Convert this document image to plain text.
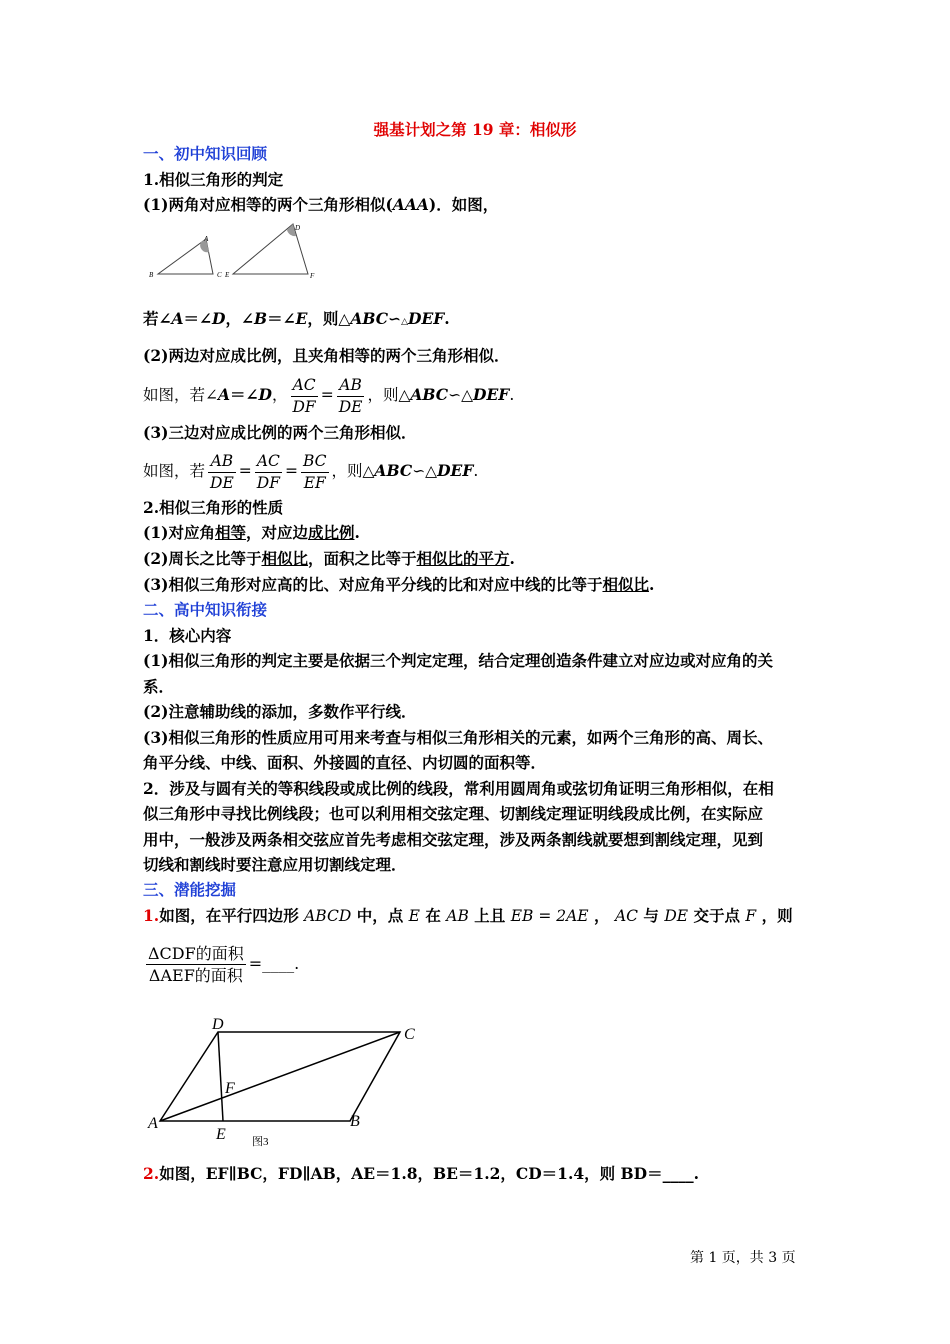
强基计划之第 19 章：相似形
一、初中知识回顾
1.相似三角形的判定
(1)两角对应相等的两个三角形相似(AAA)．如图，
A
B	C E
D
F
若∠A＝∠D，∠B＝∠E，则△ABC∽△DEF.
(2)两边对应成比例，且夹角相等的两个三角形相似．
如图，若∠A＝∠D， $\frac{AC}{DF} = \frac{AB}{DE}$ ，则△ABC∽△DEF.
(3)三边对应成比例的两个三角形相似．
如图，若 $\frac{AB}{DE} = \frac{AC}{DF} = \frac{BC}{EF}$ ，则△ABC∽△DEF.
2.相似三角形的性质
(1)对应角相等，对应边成比例.
(2)周长之比等于相似比，面积之比等于相似比的平方.
(3)相似三角形对应高的比、对应角平分线的比和对应中线的比等于相似比.
二、高中知识衔接
1．核心内容
(1)相似三角形的判定主要是依据三个判定定理，结合定理创造条件建立对应边或对应角的关
系．
(2)注意辅助线的添加，多数作平行线．
(3)相似三角形的性质应用可用来考查与相似三角形相关的元素，如两个三角形的高、周长、
角平分线、中线、面积、外接圆的直径、内切圆的面积等．
2．涉及与圆有关的等积线段或成比例的线段，常利用圆周角或弦切角证明三角形相似，在相
似三角形中寻找比例线段；也可以利用相交弦定理、切割线定理证明线段成比例，在实际应
用中，一般涉及两条相交弦应首先考虑相交弦定理，涉及两条割线就要想到割线定理，见到
切线和割线时要注意应用切割线定理．
三、潜能挖掘
1.如图，在平行四边形 ABCD 中，点 E 在 AB 上且 EB = 2AE ， AC 与 DE 交于点 F ，则
$\frac{\text{ΔCDF的面积}}{\text{ΔAEF的面积}}$ =____.
D
C
F
A	B
E 图3
2.如图，EF∥BC，FD∥AB，AE＝1.8，BE＝1.2，CD＝1.4，则 BD＝____.
第 1 页，共 3 页
